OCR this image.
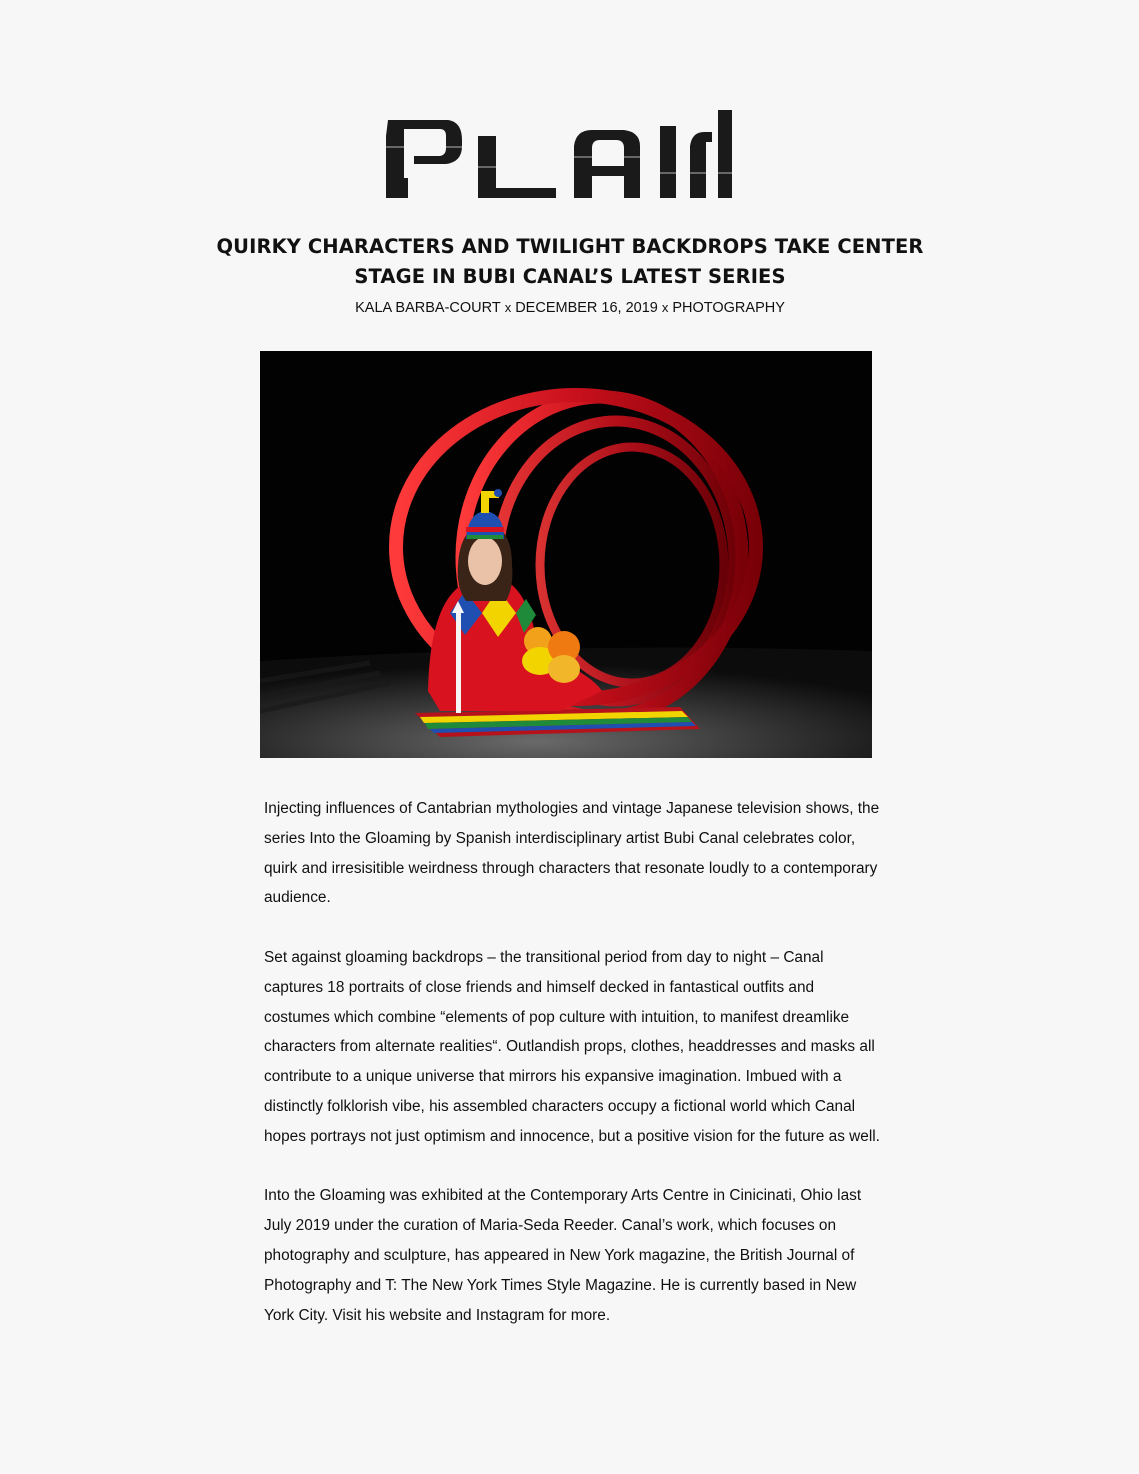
QUIRKY CHARACTERS AND TWILIGHT BACKDROPS TAKE CENTER STAGE IN BUBI CANAL’S LATEST SERIES
KALA BARBA-COURT x DECEMBER 16, 2019 x PHOTOGRAPHY

Injecting influences of Cantabrian mythologies and vintage Japanese television shows, the series Into the Gloaming by Spanish interdisciplinary artist Bubi Canal celebrates color, quirk and irresisitible weirdness through characters that resonate loudly to a contemporary audience.

Set against gloaming backdrops – the transitional period from day to night – Canal captures 18 portraits of close friends and himself decked in fantastical outfits and costumes which combine “elements of pop culture with intuition, to manifest dreamlike characters from alternate realities“. Outlandish props, clothes, headdresses and masks all contribute to a unique universe that mirrors his expansive imagination. Imbued with a distinctly folklorish vibe, his assembled characters occupy a fictional world which Canal hopes portrays not just optimism and innocence, but a positive vision for the future as well.

Into the Gloaming was exhibited at the Contemporary Arts Centre in Cinicinati, Ohio last July 2019 under the curation of Maria-Seda Reeder. Canal’s work, which focuses on photography and sculpture, has appeared in New York magazine, the British Journal of Photography and T: The New York Times Style Magazine. He is currently based in New York City. Visit his website and Instagram for more.
